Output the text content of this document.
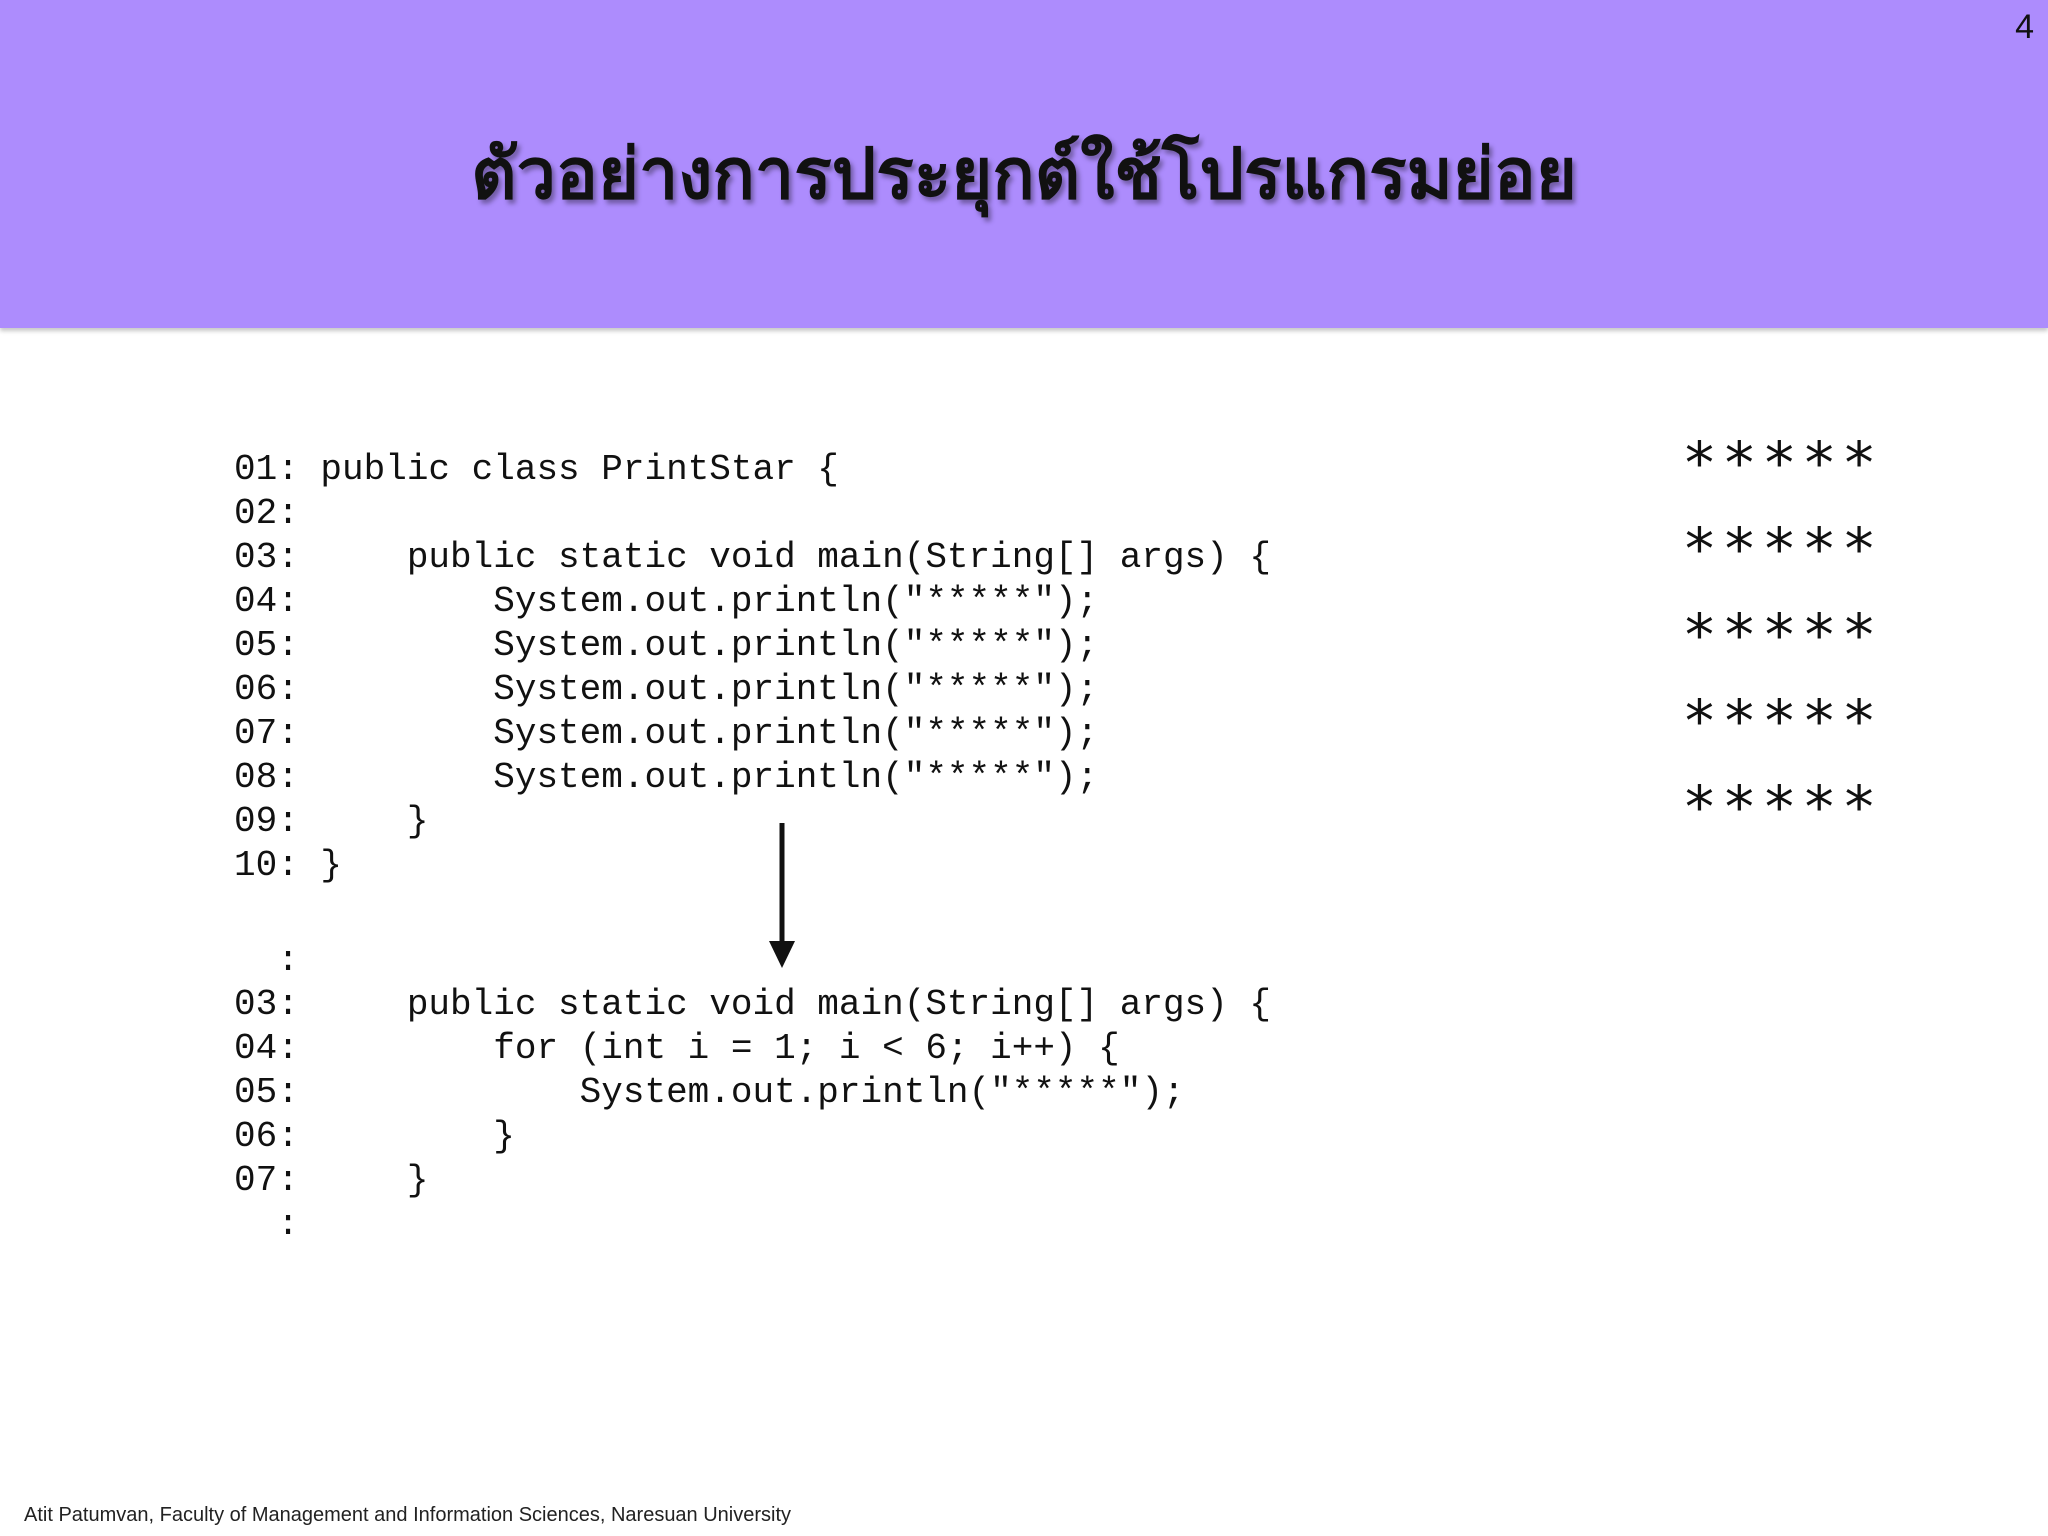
ตัวอย่างการประยุกต์ใช้โปรแกรมย่อย
4
01: public class PrintStar {
02:
03:     public static void main(String[] args) {
04:         System.out.println("*****");
05:         System.out.println("*****");
06:         System.out.println("*****");
07:         System.out.println("*****");
08:         System.out.println("*****");
09:     }
10: }
:
03:     public static void main(String[] args) {
04:         for (int i = 1; i < 6; i++) {
05:             System.out.println("*****");
06:         }
07:     }
:
*****
*****
*****
*****
*****
Atit Patumvan, Faculty of Management and Information Sciences, Naresuan University
